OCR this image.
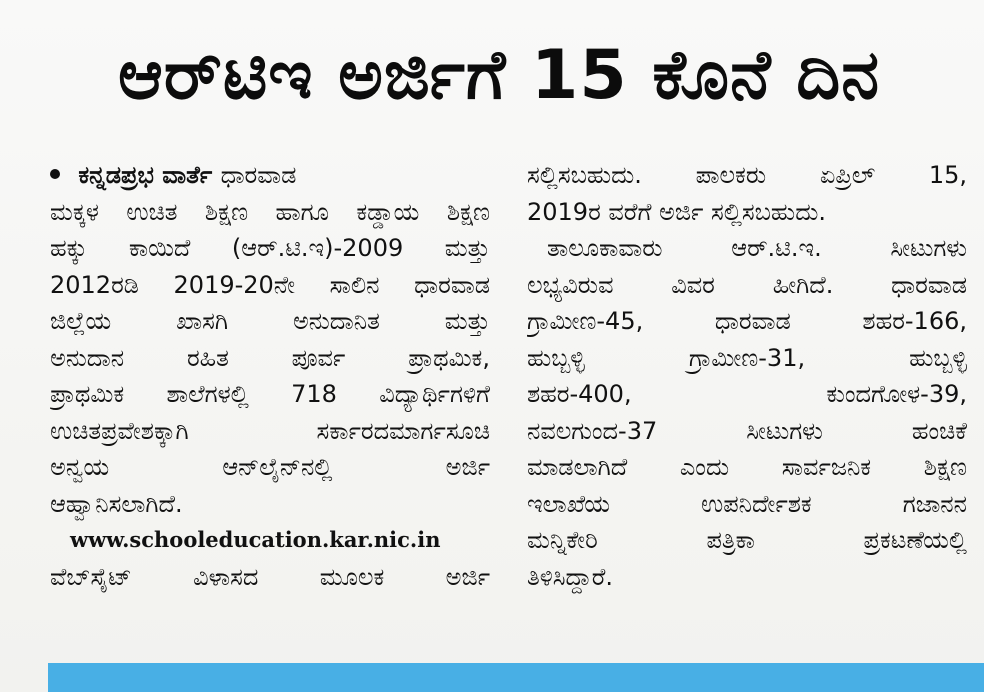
ಆರ್‌ಟಿಇ ಅರ್ಜಿಗೆ 15 ಕೊನೆ ದಿನ
ಕನ್ನಡಪ್ರಭ ವಾರ್ತೆ ಧಾರವಾಡ
ಮಕ್ಕಳ ಉಚಿತ ಶಿಕ್ಷಣ ಹಾಗೂ ಕಡ್ಡಾಯ ಶಿಕ್ಷಣ
ಹಕ್ಕು ಕಾಯಿದೆ (ಆರ್.ಟಿ.ಇ)-2009 ಮತ್ತು
2012ರಡಿ 2019-20ನೇ ಸಾಲಿನ ಧಾರವಾಡ
ಜಿಲ್ಲೆಯ ಖಾಸಗಿ ಅನುದಾನಿತ ಮತ್ತು
ಅನುದಾನ ರಹಿತ ಪೂರ್ವ ಪ್ರಾಥಮಿಕ,
ಪ್ರಾಥಮಿಕ ಶಾಲೆಗಳಲ್ಲಿ 718 ವಿದ್ಯಾರ್ಥಿಗಳಿಗೆ
ಉಚಿತಪ್ರವೇಶಕ್ಕಾಗಿ ಸರ್ಕಾರದಮಾರ್ಗಸೂಚಿ
ಅನ್ವಯ ಆನ್‌ಲೈನ್‌ನಲ್ಲಿ ಅರ್ಜಿ
ಆಹ್ವಾನಿಸಲಾಗಿದೆ.
www.schooleducation.kar.nic.in
ವೆಬ್‌ಸೈಟ್ ವಿಳಾಸದ ಮೂಲಕ ಅರ್ಜಿ
ಸಲ್ಲಿಸಬಹುದು. ಪಾಲಕರು ಏಪ್ರಿಲ್ 15,
2019ರ ವರೆಗೆ ಅರ್ಜಿ ಸಲ್ಲಿಸಬಹುದು.
ತಾಲೂಕಾವಾರು ಆರ್.ಟಿ.ಇ. ಸೀಟುಗಳು
ಲಭ್ಯವಿರುವ ವಿವರ ಹೀಗಿದೆ. ಧಾರವಾಡ
ಗ್ರಾಮೀಣ-45, ಧಾರವಾಡ ಶಹರ-166,
ಹುಬ್ಬಳ್ಳಿ ಗ್ರಾಮೀಣ-31, ಹುಬ್ಬಳ್ಳಿ
ಶಹರ-400, ಕುಂದಗೋಳ-39,
ನವಲಗುಂದ-37 ಸೀಟುಗಳು ಹಂಚಿಕೆ
ಮಾಡಲಾಗಿದೆ ಎಂದು ಸಾರ್ವಜನಿಕ ಶಿಕ್ಷಣ
ಇಲಾಖೆಯ ಉಪನಿರ್ದೇಶಕ ಗಜಾನನ
ಮನ್ನಿಕೇರಿ ಪತ್ರಿಕಾ ಪ್ರಕಟಣೆಯಲ್ಲಿ
ತಿಳಿಸಿದ್ದಾರೆ.
